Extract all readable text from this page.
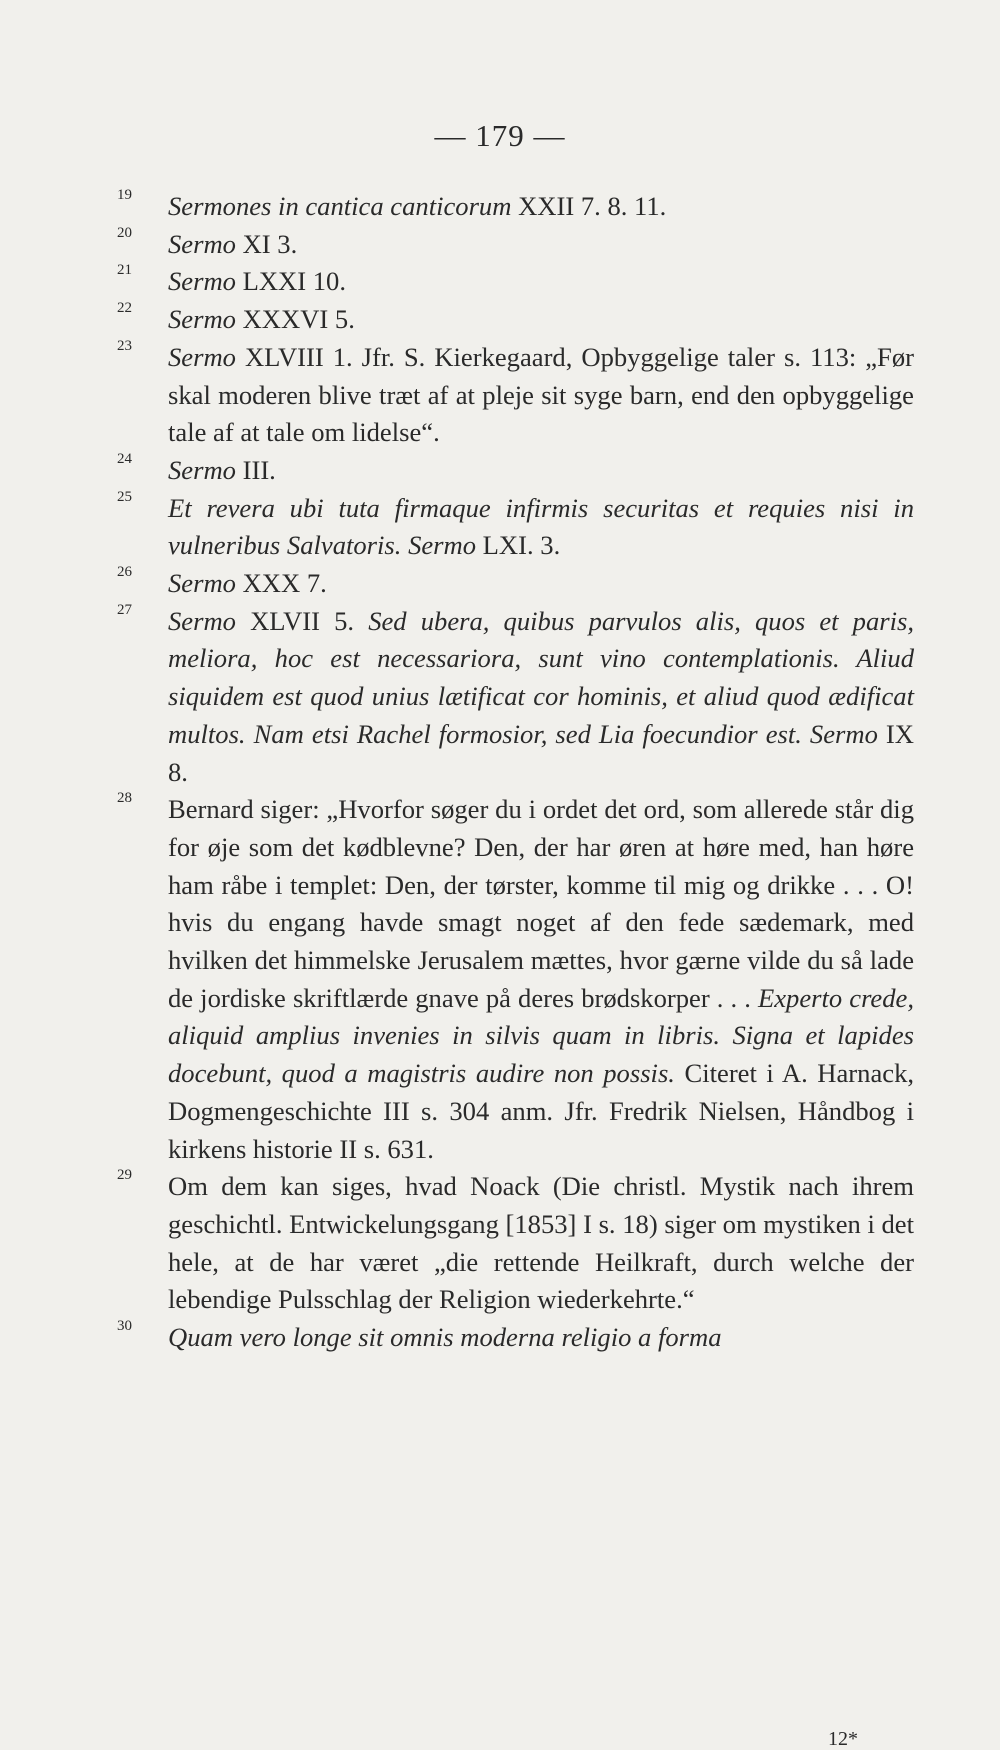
— 179 —
19 Sermones in cantica canticorum XXII 7. 8. 11.
20 Sermo XI 3.
21 Sermo LXXI 10.
22 Sermo XXXVI 5.
23 Sermo XLVIII 1. Jfr. S. Kierkegaard, Opbyggelige taler s. 113: „Før skal moderen blive træt af at pleje sit syge barn, end den opbyggelige tale af at tale om lidelse“.
24 Sermo III.
25 Et revera ubi tuta firmaque infirmis securitas et requies nisi in vulneribus Salvatoris. Sermo LXI. 3.
26 Sermo XXX 7.
27 Sermo XLVII 5. Sed ubera, quibus parvulos alis, quos et paris, meliora, hoc est necessariora, sunt vino contemplationis. Aliud siquidem est quod unius lætificat cor hominis, et aliud quod ædificat multos. Nam etsi Rachel formosior, sed Lia foecundior est. Sermo IX 8.
28 Bernard siger: „Hvorfor søger du i ordet det ord, som allerede står dig for øje som det kødblevne? Den, der har øren at høre med, han høre ham råbe i templet: Den, der tørster, komme til mig og drikke . . . O! hvis du engang havde smagt noget af den fede sædemark, med hvilken det himmelske Jerusalem mættes, hvor gærne vilde du så lade de jordiske skriftlærde gnave på deres brødskorper . . . Experto crede, aliquid amplius invenies in silvis quam in libris. Signa et lapides docebunt, quod a magistris audire non possis. Citeret i A. Harnack, Dogmengeschichte III s. 304 anm. Jfr. Fredrik Nielsen, Håndbog i kirkens historie II s. 631.
29 Om dem kan siges, hvad Noack (Die christl. Mystik nach ihrem geschichtl. Entwickelungsgang [1853] I s. 18) siger om mystiken i det hele, at de har været „die rettende Heilkraft, durch welche der lebendige Pulsschlag der Religion wiederkehrte.“
30 Quam vero longe sit omnis moderna religio a forma
12*
